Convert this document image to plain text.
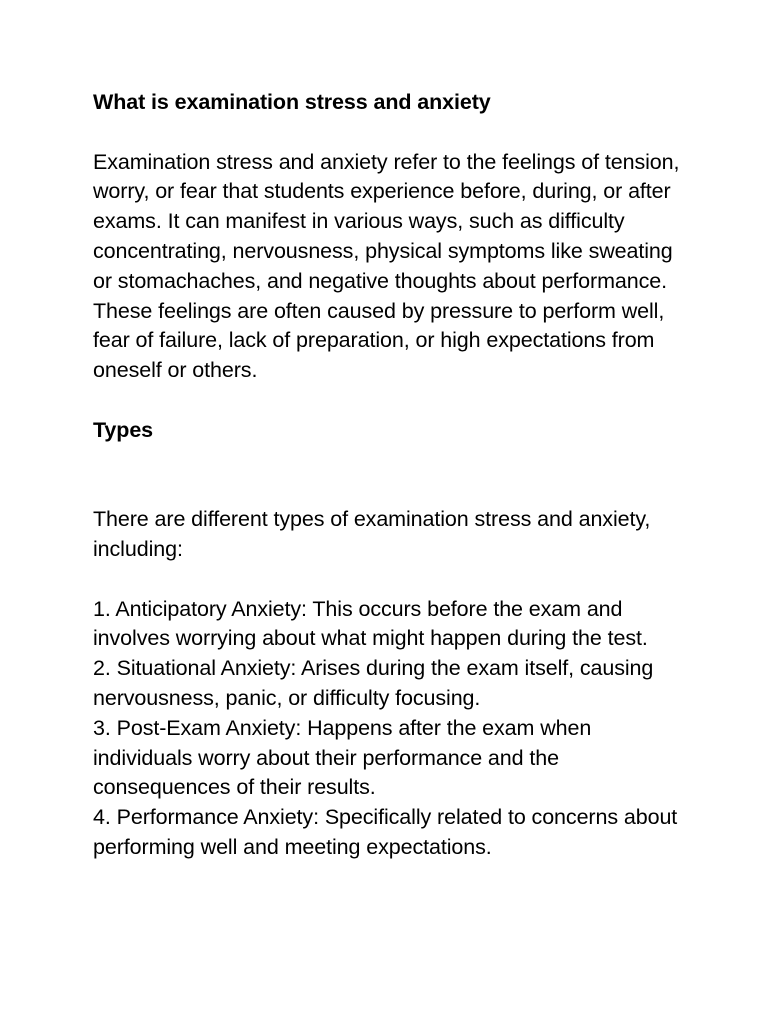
What is examination stress and anxiety

Examination stress and anxiety refer to the feelings of tension, worry, or fear that students experience before, during, or after exams. It can manifest in various ways, such as difficulty concentrating, nervousness, physical symptoms like sweating or stomachaches, and negative thoughts about performance. These feelings are often caused by pressure to perform well, fear of failure, lack of preparation, or high expectations from oneself or others.

Types

There are different types of examination stress and anxiety, including:

1. Anticipatory Anxiety: This occurs before the exam and involves worrying about what might happen during the test.
2. Situational Anxiety: Arises during the exam itself, causing nervousness, panic, or difficulty focusing.
3. Post-Exam Anxiety: Happens after the exam when individuals worry about their performance and the consequences of their results.
4. Performance Anxiety: Specifically related to concerns about performing well and meeting expectations.
